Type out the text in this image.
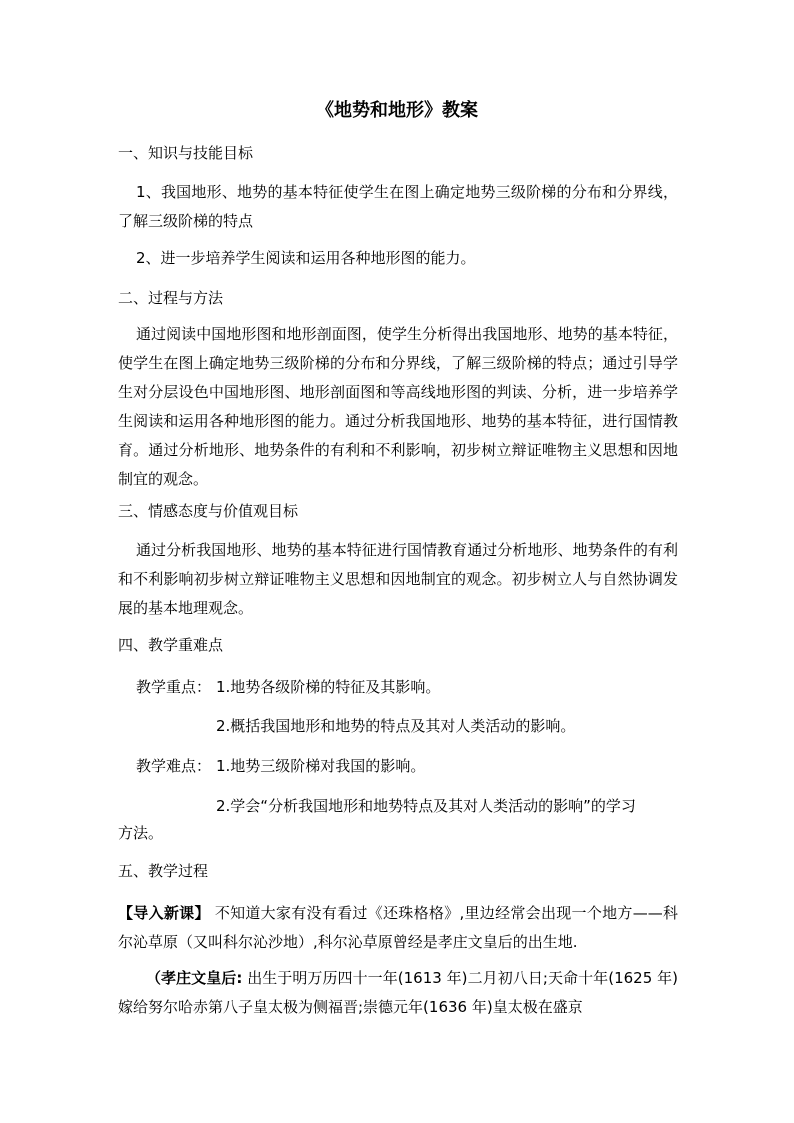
《地势和地形》教案
一、知识与技能目标
1、我国地形、地势的基本特征使学生在图上确定地势三级阶梯的分布和分界线，了解三级阶梯的特点
2、进一步培养学生阅读和运用各种地形图的能力。
二、过程与方法
通过阅读中国地形图和地形剖面图，使学生分析得出我国地形、地势的基本特征，使学生在图上确定地势三级阶梯的分布和分界线，了解三级阶梯的特点；通过引导学生对分层设色中国地形图、地形剖面图和等高线地形图的判读、分析，进一步培养学生阅读和运用各种地形图的能力。通过分析我国地形、地势的基本特征，进行国情教育。通过分析地形、地势条件的有利和不利影响，初步树立辩证唯物主义思想和因地制宜的观念。
三、情感态度与价值观目标
通过分析我国地形、地势的基本特征进行国情教育通过分析地形、地势条件的有利和不利影响初步树立辩证唯物主义思想和因地制宜的观念。初步树立人与自然协调发展的基本地理观念。
四、教学重难点
教学重点： 1.地势各级阶梯的特征及其影响。
2.概括我国地形和地势的特点及其对人类活动的影响。
教学难点： 1.地势三级阶梯对我国的影响。
2.学会“分析我国地形和地势特点及其对人类活动的影响”的学习
方法。
五、教学过程
【导入新课】 不知道大家有没有看过《还珠格格》,里边经常会出现一个地方——科尔沁草原（又叫科尔沁沙地）,科尔沁草原曾经是孝庄文皇后的出生地.
（孝庄文皇后: 出生于明万历四十一年(1613 年)二月初八日;天命十年(1625 年)嫁给努尔哈赤第八子皇太极为侧福晋;崇德元年(1636 年)皇太极在盛京
